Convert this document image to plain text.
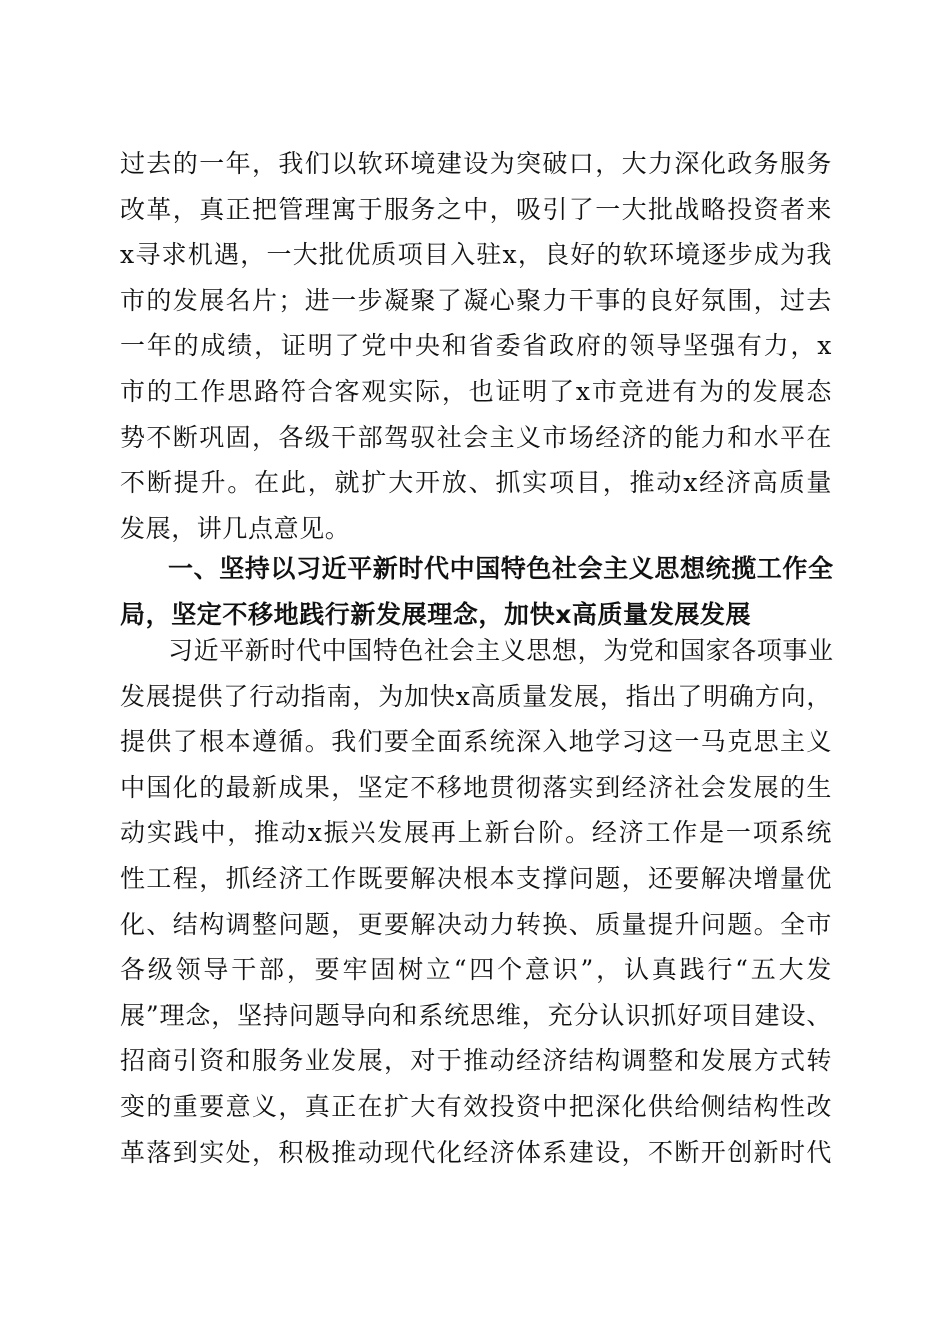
过去的一年，我们以软环境建设为突破口，大力深化政务服务
改革，真正把管理寓于服务之中，吸引了一大批战略投资者来
x寻求机遇，一大批优质项目入驻x，良好的软环境逐步成为我
市的发展名片；进一步凝聚了凝心聚力干事的良好氛围，过去
一年的成绩，证明了党中央和省委省政府的领导坚强有力，x
市的工作思路符合客观实际，也证明了x市竞进有为的发展态
势不断巩固，各级干部驾驭社会主义市场经济的能力和水平在
不断提升。在此，就扩大开放、抓实项目，推动x经济高质量
发展，讲几点意见。
一、坚持以习近平新时代中国特色社会主义思想统揽工作全
局，坚定不移地践行新发展理念，加快x高质量发展发展
习近平新时代中国特色社会主义思想，为党和国家各项事业
发展提供了行动指南，为加快x高质量发展，指出了明确方向，
提供了根本遵循。我们要全面系统深入地学习这一马克思主义
中国化的最新成果，坚定不移地贯彻落实到经济社会发展的生
动实践中，推动x振兴发展再上新台阶。经济工作是一项系统
性工程，抓经济工作既要解决根本支撑问题，还要解决增量优
化、结构调整问题，更要解决动力转换、质量提升问题。全市
各级领导干部，要牢固树立“四个意识”，认真践行“五大发
展”理念，坚持问题导向和系统思维，充分认识抓好项目建设、
招商引资和服务业发展，对于推动经济结构调整和发展方式转
变的重要意义，真正在扩大有效投资中把深化供给侧结构性改
革落到实处，积极推动现代化经济体系建设，不断开创新时代
